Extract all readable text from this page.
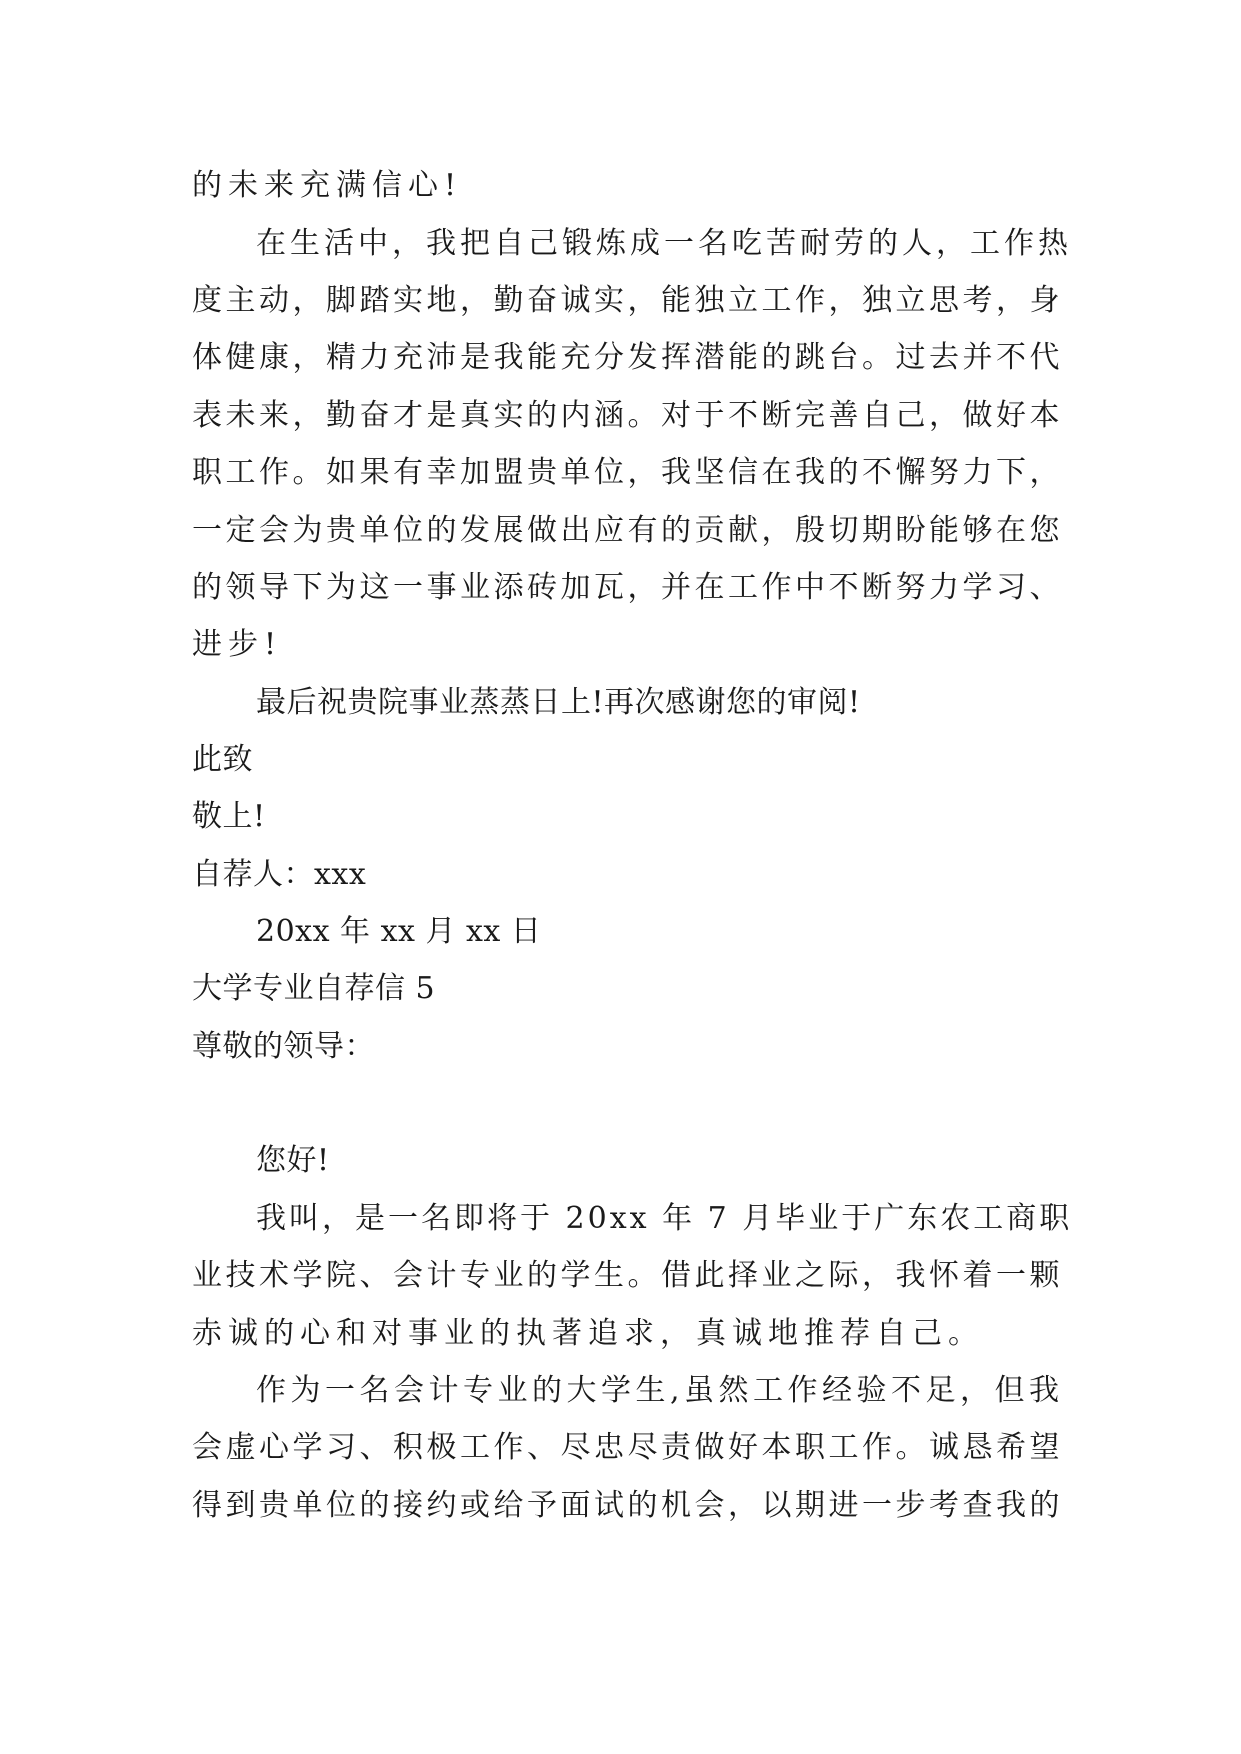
的未来充满信心!
在生活中，我把自己锻炼成一名吃苦耐劳的人，工作热
度主动，脚踏实地，勤奋诚实，能独立工作，独立思考，身
体健康，精力充沛是我能充分发挥潜能的跳台。过去并不代
表未来，勤奋才是真实的内涵。对于不断完善自己，做好本
职工作。如果有幸加盟贵单位，我坚信在我的不懈努力下，
一定会为贵单位的发展做出应有的贡献，殷切期盼能够在您
的领导下为这一事业添砖加瓦，并在工作中不断努力学习、
进步!
最后祝贵院事业蒸蒸日上!再次感谢您的审阅!
此致
敬上!
自荐人：xxx
20xx 年 xx 月 xx 日
大学专业自荐信 5
尊敬的领导：
您好!
我叫，是一名即将于 20xx 年 7 月毕业于广东农工商职
业技术学院、会计专业的学生。借此择业之际，我怀着一颗
赤诚的心和对事业的执著追求，真诚地推荐自己。
作为一名会计专业的大学生,虽然工作经验不足，但我
会虚心学习、积极工作、尽忠尽责做好本职工作。诚恳希望
得到贵单位的接约或给予面试的机会，以期进一步考查我的
